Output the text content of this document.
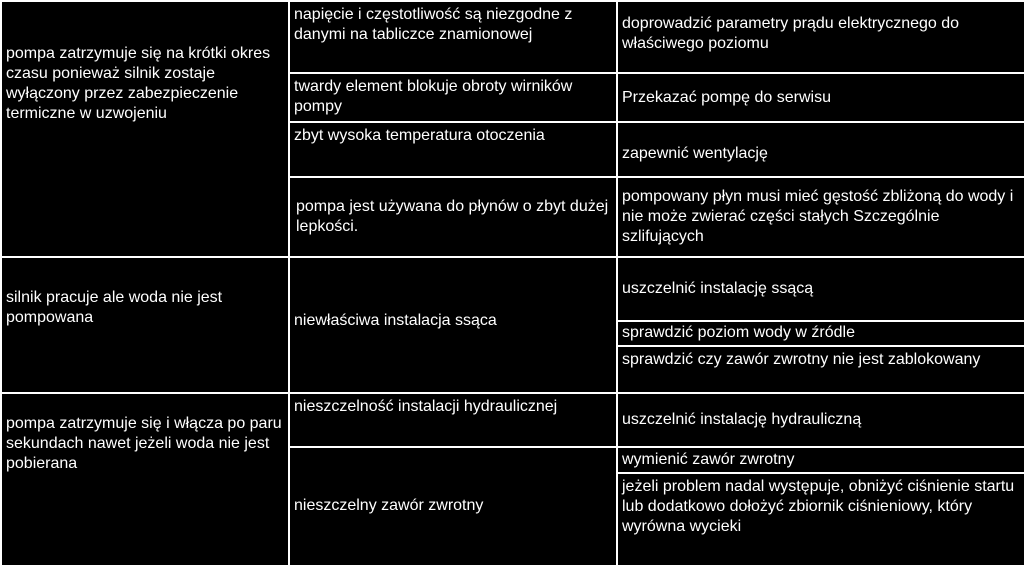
pompa zatrzymuje się na krótki okres czasu ponieważ silnik zostaje wyłączony przez zabezpieczenie termiczne w uzwojeniu	napięcie i częstotliwość są niezgodne z danymi na tabliczce znamionowej	doprowadzić parametry prądu elektrycznego do właściwego poziomu
	twardy element blokuje obroty wirników pompy	Przekazać pompę do serwisu
	zbyt wysoka temperatura otoczenia	zapewnić wentylację
	pompa jest używana do płynów o zbyt dużej lepkości.	pompowany płyn musi mieć gęstość zbliżoną do wody i nie może zwierać części stałych Szczególnie szlifujących
silnik pracuje ale woda nie jest pompowana	niewłaściwa instalacja ssąca	uszczelnić instalację ssącą
		sprawdzić poziom wody w źródle
		sprawdzić czy zawór zwrotny nie jest zablokowany
pompa zatrzymuje się i włącza po paru sekundach nawet jeżeli woda nie jest pobierana	nieszczelność instalacji hydraulicznej	uszczelnić instalację hydrauliczną
	nieszczelny zawór zwrotny	wymienić zawór zwrotny
		jeżeli problem nadal występuje, obniżyć ciśnienie startu lub dodatkowo dołożyć zbiornik ciśnieniowy, który wyrówna wycieki
